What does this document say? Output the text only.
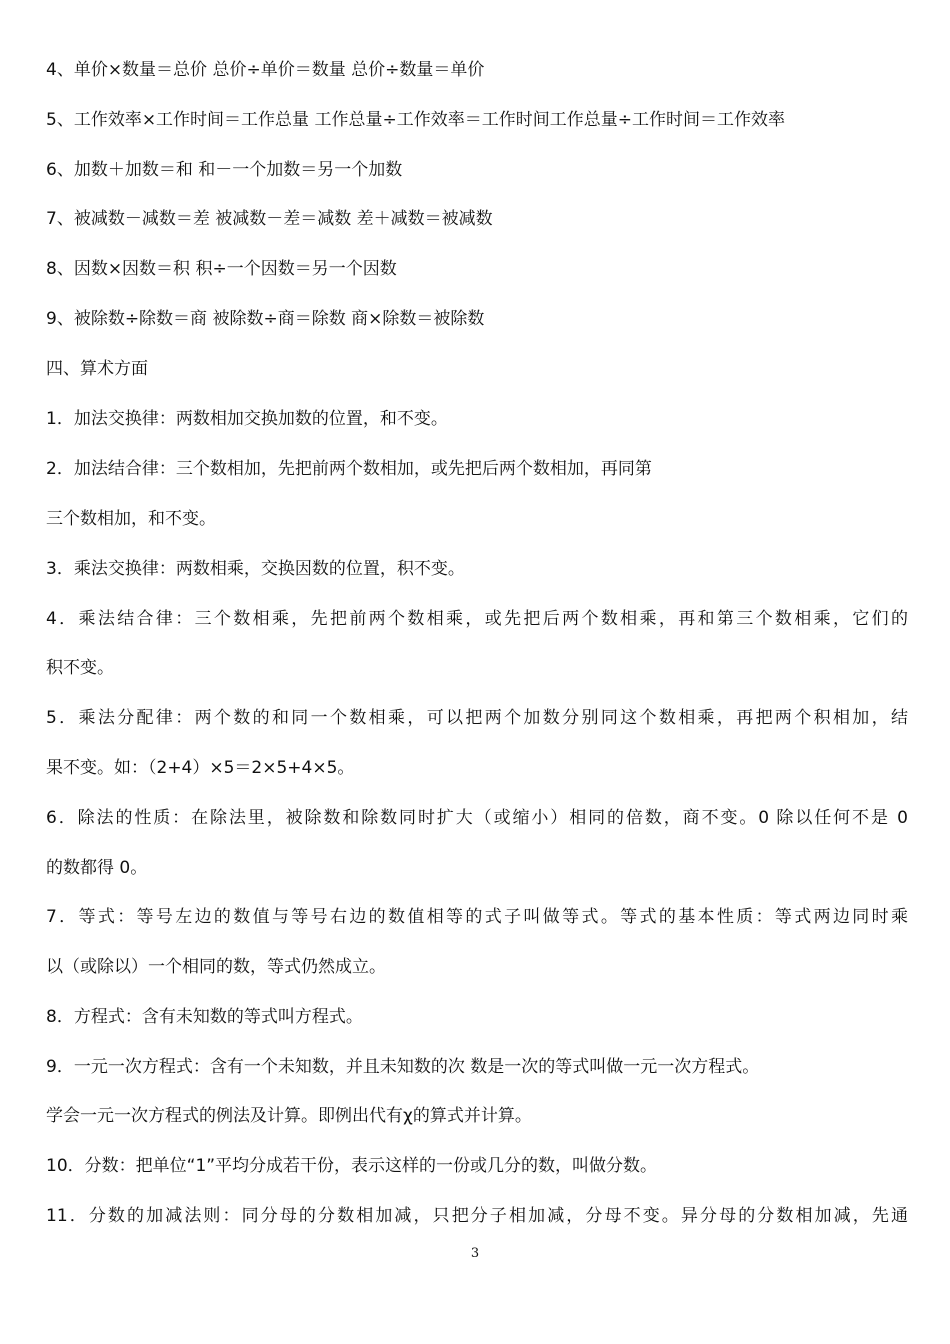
4、单价×数量＝总价 总价÷单价＝数量 总价÷数量＝单价

5、工作效率×工作时间＝工作总量 工作总量÷工作效率＝工作时间工作总量÷工作时间＝工作效率

6、加数＋加数＝和 和－一个加数＝另一个加数

7、被减数－减数＝差 被减数－差＝减数 差＋减数＝被减数

8、因数×因数＝积 积÷一个因数＝另一个因数

9、被除数÷除数＝商 被除数÷商＝除数 商×除数＝被除数

四、算术方面

1．加法交换律：两数相加交换加数的位置，和不变。

2．加法结合律：三个数相加，先把前两个数相加，或先把后两个数相加，再同第

三个数相加，和不变。

3．乘法交换律：两数相乘，交换因数的位置，积不变。

4．乘法结合律：三个数相乘，先把前两个数相乘，或先把后两个数相乘，再和第三个数相乘，它们的

积不变。

5．乘法分配律：两个数的和同一个数相乘，可以把两个加数分别同这个数相乘，再把两个积相加，结

果不变。如：（2+4）×5＝2×5+4×5。

6．除法的性质：在除法里，被除数和除数同时扩大（或缩小）相同的倍数，商不变。0 除以任何不是 0

的数都得 0。

7．等式：等号左边的数值与等号右边的数值相等的式子叫做等式。等式的基本性质：等式两边同时乘

以（或除以）一个相同的数，等式仍然成立。

8．方程式：含有未知数的等式叫方程式。

9．一元一次方程式：含有一个未知数，并且未知数的次 数是一次的等式叫做一元一次方程式。

学会一元一次方程式的例法及计算。即例出代有χ的算式并计算。

10．分数：把单位“1”平均分成若干份，表示这样的一份或几分的数，叫做分数。

11．分数的加减法则：同分母的分数相加减，只把分子相加减，分母不变。异分母的分数相加减，先通

3
